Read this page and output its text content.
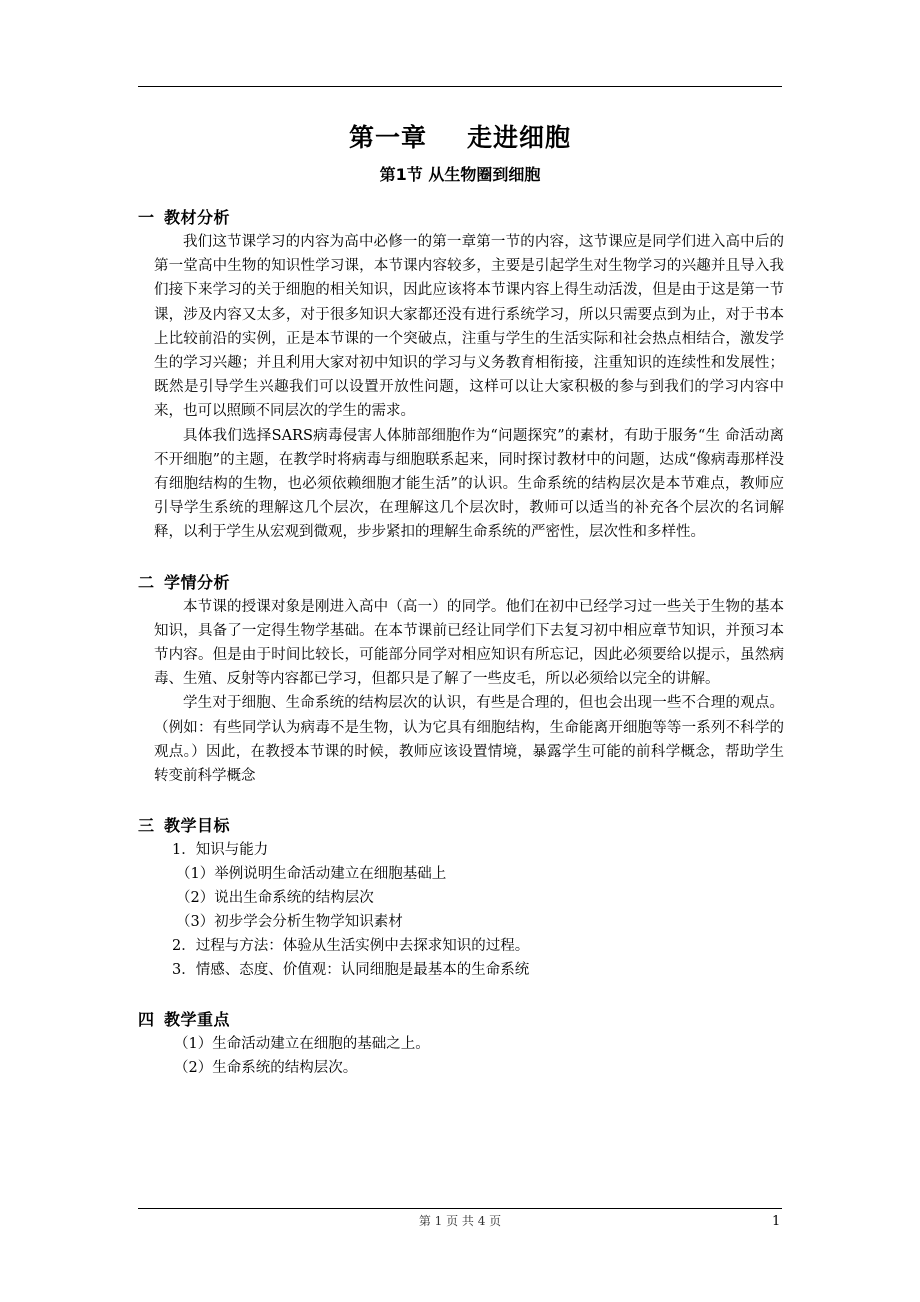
第一章 走进细胞
第1节 从生物圈到细胞
一 教材分析

我们这节课学习的内容为高中必修一的第一章第一节的内容，这节课应是同学们进入高中后的第一堂高中生物的知识性学习课，本节课内容较多，主要是引起学生对生物学习的兴趣并且导入我们接下来学习的关于细胞的相关知识，因此应该将本节课内容上得生动活泼，但是由于这是第一节课，涉及内容又太多，对于很多知识大家都还没有进行系统学习，所以只需要点到为止，对于书本上比较前沿的实例，正是本节课的一个突破点，注重与学生的生活实际和社会热点相结合，激发学生的学习兴趣；并且利用大家对初中知识的学习与义务教育相衔接，注重知识的连续性和发展性；既然是引导学生兴趣我们可以设置开放性问题，这样可以让大家积极的参与到我们的学习内容中来，也可以照顾不同层次的学生的需求。

具体我们选择SARS病毒侵害人体肺部细胞作为“问题探究”的素材，有助于服务“生 命活动离不开细胞”的主题，在教学时将病毒与细胞联系起来，同时探讨教材中的问题，达成“像病毒那样没有细胞结构的生物，也必须依赖细胞才能生活”的认识。生命系统的结构层次是本节难点，教师应引导学生系统的理解这几个层次，在理解这几个层次时，教师可以适当的补充各个层次的名词解释，以利于学生从宏观到微观，步步紧扣的理解生命系统的严密性，层次性和多样性。

二 学情分析

本节课的授课对象是刚进入高中（高一）的同学。他们在初中已经学习过一些关于生物的基本知识，具备了一定得生物学基础。在本节课前已经让同学们下去复习初中相应章节知识，并预习本节内容。但是由于时间比较长，可能部分同学对相应知识有所忘记，因此必须要给以提示，虽然病毒、生殖、反射等内容都已学习，但都只是了解了一些皮毛，所以必须给以完全的讲解。

学生对于细胞、生命系统的结构层次的认识，有些是合理的，但也会出现一些不合理的观点。（例如：有些同学认为病毒不是生物，认为它具有细胞结构，生命能离开细胞等等一系列不科学的观点。）因此，在教授本节课的时候，教师应该设置情境，暴露学生可能的前科学概念，帮助学生转变前科学概念

三 教学目标
1．知识与能力
（1）举例说明生命活动建立在细胞基础上
（2）说出生命系统的结构层次
（3）初步学会分析生物学知识素材
2．过程与方法：体验从生活实例中去探求知识的过程。
3．情感、态度、价值观：认同细胞是最基本的生命系统
四 教学重点
（1）生命活动建立在细胞的基础之上。
（2）生命系统的结构层次。
第 1 页 共 4 页	1
